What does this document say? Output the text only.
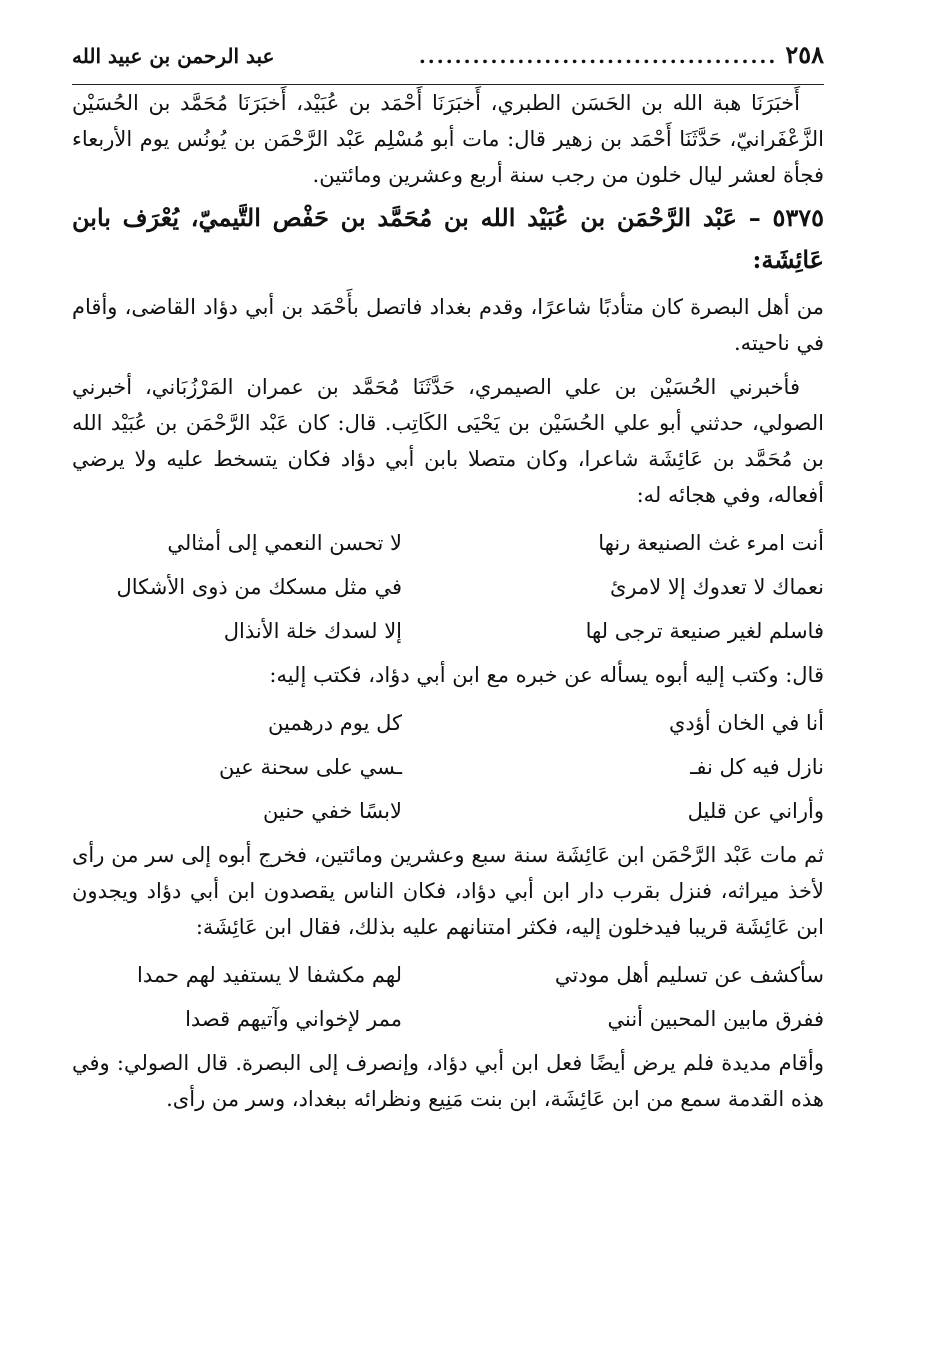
٢٥٨
........................................
عبد الرحمن بن عبيد الله

أَخبَرَنَا هبة الله بن الحَسَن الطبري، أَخبَرَنَا أَحْمَد بن عُبَيْد، أَخبَرَنَا مُحَمَّد بن الحُسَيْن الزَّعْفَرانيّ، حَدَّثَنَا أَحْمَد بن زهير قال: مات أبو مُسْلِم عَبْد الرَّحْمَن بن يُونُس يوم الأربعاء فجأة لعشر ليال خلون من رجب سنة أربع وعشرين ومائتين.

٥٣٧٥ – عَبْد الرَّحْمَن بن عُبَيْد الله بن مُحَمَّد بن حَفْص التَّيميّ، يُعْرَف بابن عَائِشَة:

من أهل البصرة كان متأدبًا شاعرًا، وقدم بغداد فاتصل بأَحْمَد بن أبي دؤاد القاضى، وأقام في ناحيته.

فأخبرني الحُسَيْن بن علي الصيمري، حَدَّثَنَا مُحَمَّد بن عمران المَرْزُبَاني، أخبرني الصولي، حدثني أبو علي الحُسَيْن بن يَحْيَى الكَاتِب. قال: كان عَبْد الرَّحْمَن بن عُبَيْد الله بن مُحَمَّد بن عَائِشَة شاعرا، وكان متصلا بابن أبي دؤاد فكان يتسخط عليه ولا يرضي أفعاله، وفي هجائه له:

أنت امرء غث الصنيعة رنها
لا تحسن النعمي إلى أمثالي
نعماك لا تعدوك إلا لامرئ
في مثل مسكك من ذوى الأشكال
فاسلم لغير صنيعة ترجى لها
إلا لسدك خلة الأنذال

قال: وكتب إليه أبوه يسأله عن خبره مع ابن أبي دؤاد، فكتب إليه:

أنا في الخان أؤدي
كل يوم درهمين
نازل فيه كل نفـ
ـسي على سحنة عين
وأراني عن قليل
لابسًا خفي حنين

ثم مات عَبْد الرَّحْمَن ابن عَائِشَة سنة سبع وعشرين ومائتين، فخرج أبوه إلى سر من رأى لأخذ ميراثه، فنزل بقرب دار ابن أبي دؤاد، فكان الناس يقصدون ابن أبي دؤاد ويجدون ابن عَائِشَة قريبا فيدخلون إليه، فكثر امتنانهم عليه بذلك، فقال ابن عَائِشَة:

سأكشف عن تسليم أهل مودتي
لهم مكشفا لا يستفيد لهم حمدا
ففرق مابين المحبين أنني
ممر لإخواني وآتيهم قصدا

وأقام مديدة فلم يرض أيضًا فعل ابن أبي دؤاد، وإنصرف إلى البصرة. قال الصولي: وفي هذه القدمة سمع من ابن عَائِشَة، ابن بنت مَنِيع ونظرائه ببغداد، وسر من رأى.
